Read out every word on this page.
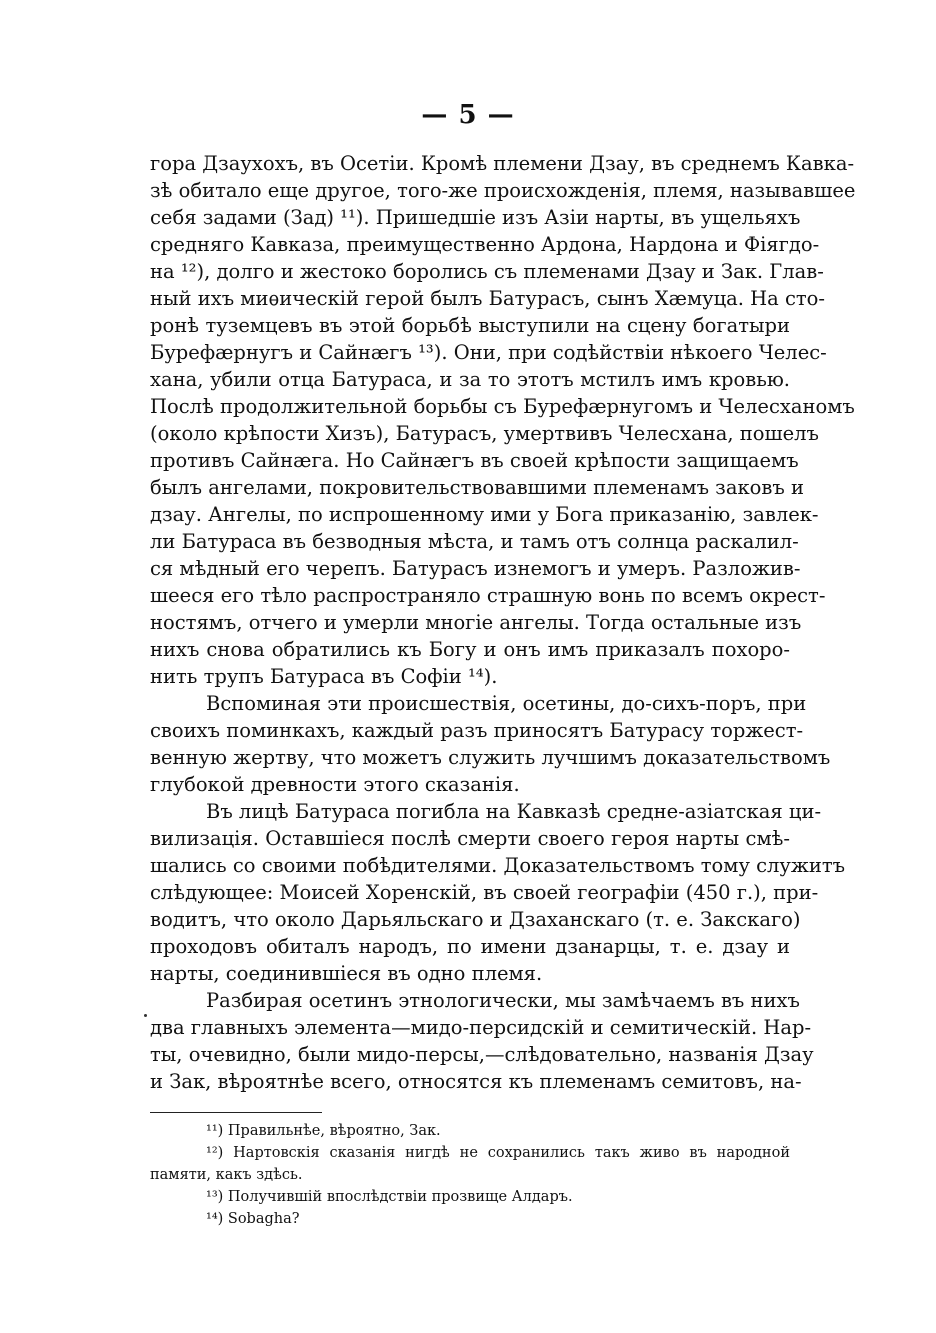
— 5 —
гора Дзаухохъ, въ Осетіи. Кромѣ племени Дзау, въ среднемъ Кавка-
зѣ обитало еще другое, того-же происхожденія, племя, называвшее
себя задами (Зад) ¹¹). Пришедшіе изъ Азіи нарты, въ ущельяхъ
средняго Кавказа, преимущественно Ардона, Нардона и Фіягдо-
на ¹²), долго и жестоко боролись съ племенами Дзау и Зак. Глав-
ный ихъ миѳическій герой былъ Батурасъ, сынъ Хæмуца. На сто-
ронѣ туземцевъ въ этой борьбѣ выступили на сцену богатыри
Бурефæрнугъ и Сайнæгъ ¹³). Они, при содѣйствіи нѣкоего Челес-
хана, убили отца Батураса, и за то этотъ мстилъ имъ кровью.
Послѣ продолжительной борьбы съ Бурефæрнугомъ и Челесханомъ
(около крѣпости Хизъ), Батурасъ, умертвивъ Челесхана, пошелъ
противъ Сайнæга. Но Сайнæгъ въ своей крѣпости защищаемъ
былъ ангелами, покровительствовавшими племенамъ заковъ и
дзау. Ангелы, по испрошенному ими у Бога приказанію, завлек-
ли Батураса въ безводныя мѣста, и тамъ отъ солнца раскалил-
ся мѣдный его черепъ. Батурасъ изнемогъ и умеръ. Разложив-
шееся его тѣло распространяло страшную вонь по всемъ окрест-
ностямъ, отчего и умерли многіе ангелы. Тогда остальные изъ
нихъ снова обратились къ Богу и онъ имъ приказалъ похоро-
нить трупъ Батураса въ Софіи ¹⁴).
Вспоминая эти происшествія, осетины, до-сихъ-поръ, при
своихъ поминкахъ, каждый разъ приносятъ Батурасу торжест-
венную жертву, что можетъ служить лучшимъ доказательствомъ
глубокой древности этого сказанія.
Въ лицѣ Батураса погибла на Кавказѣ средне-азіатская ци-
вилизація. Оставшіеся послѣ смерти своего героя нарты смѣ-
шались со своими побѣдителями. Доказательствомъ тому служитъ
слѣдующее: Моисей Хоренскій, въ своей географіи (450 г.), при-
водитъ, что около Дарьяльскаго и Дзаханскаго (т. е. Закскаго)
проходовъ обиталъ народъ, по имени дзанарцы, т. е. дзау и
нарты, соединившіеся въ одно племя.
Разбирая осетинъ этнологически, мы замѣчаемъ въ нихъ
два главныхъ элемента—мидо-персидскій и семитическій. Нар-
ты, очевидно, были мидо-персы,—слѣдовательно, названія Дзау
и Зак, вѣроятнѣе всего, относятся къ племенамъ семитовъ, на-
¹¹) Правильнѣе, вѣроятно, Зак.
¹²) Нартовскія сказанія нигдѣ не сохранились такъ живо въ народной
памяти, какъ здѣсь.
¹³) Получившій впослѣдствіи прозвище Алдаръ.
¹⁴) Sobagha?
